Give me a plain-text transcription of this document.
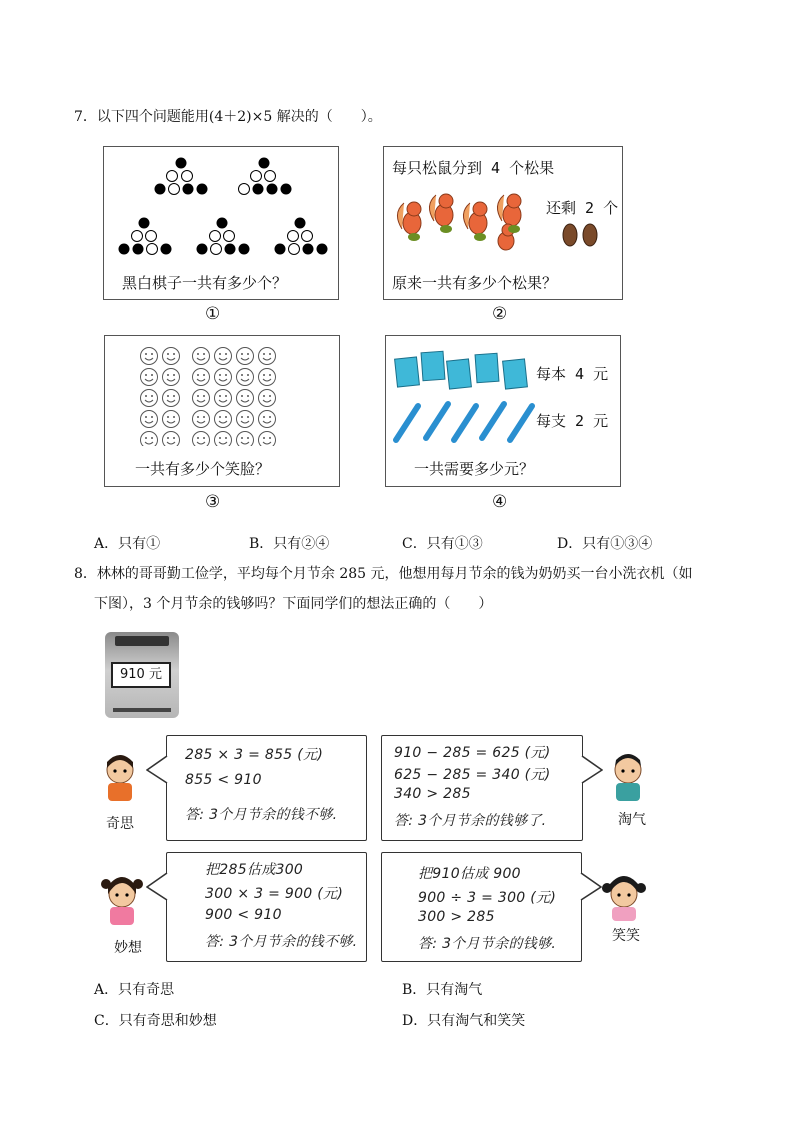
7．以下四个问题能用(4＋2)×5 解决的（　　）。
黑白棋子一共有多少个？
①
每只松鼠分到 4 个松果
还剩 2 个
原来一共有多少个松果？
②
一共有多少个笑脸？
③
每本 4 元
每支 2 元
一共需要多少元？
④
A．只有①	B．只有②④	C．只有①③	D．只有①③④
8．林林的哥哥勤工俭学，平均每个月节余 285 元，他想用每月节余的钱为奶奶买一台小洗衣机（如
下图），3 个月节余的钱够吗？下面同学们的想法正确的（　　）
910 元
285 × 3 = 855 (元)
855 < 910
答: 3个月节余的钱不够.
奇思
910 − 285 = 625 (元)
625 − 285 = 340 (元)
340 > 285
答: 3个月节余的钱够了.	淘气
把285估成300
300 × 3 = 900 (元)
900 < 910
答: 3个月节余的钱不够.
妙想
把910估成 900
900 ÷ 3 = 300 (元)
300 > 285
答: 3个月节余的钱够.	笑笑
A．只有奇思	B．只有淘气
C．只有奇思和妙想	D．只有淘气和笑笑
